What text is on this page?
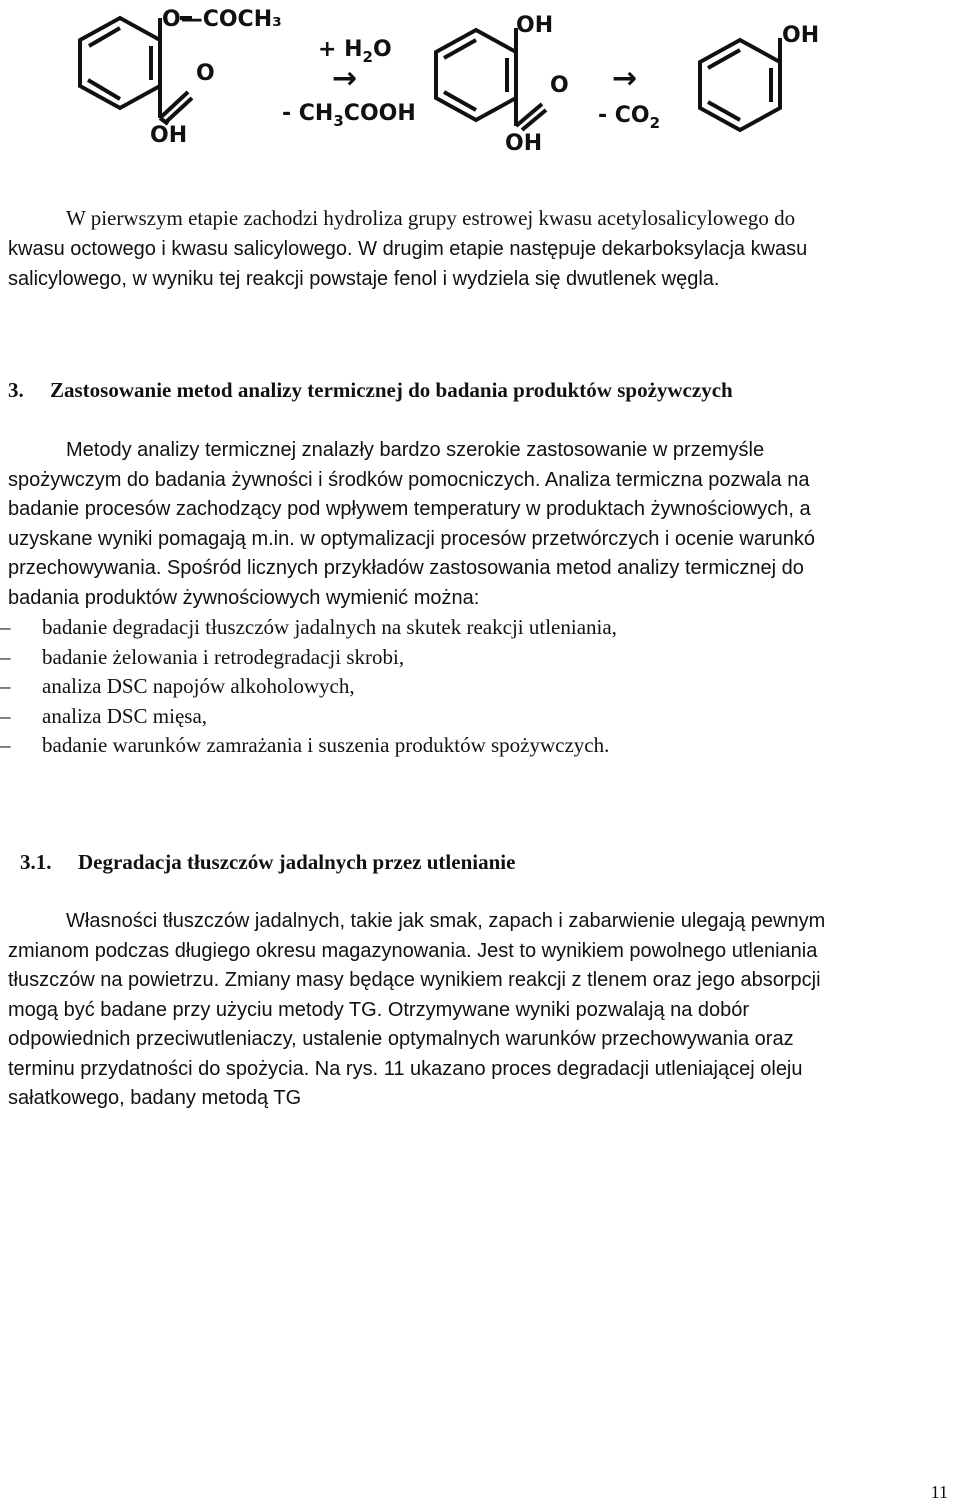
O—COCH₃
O
OH
+ $H_2O$
→
- $CH_3COOH$
OH
O
OH
→
- $CO_2$
OH

W pierwszym etapie zachodzi hydroliza grupy estrowej kwasu acetylosalicylowego do
kwasu octowego i kwasu salicylowego. W drugim etapie następuje dekarboksylacja kwasu
salicylowego, w wyniku tej reakcji powstaje fenol i wydziela się dwutlenek węgla.

3. Zastosowanie metod analizy termicznej do badania produktów spożywczych

Metody analizy termicznej znalazły bardzo szerokie zastosowanie w przemyśle
spożywczym do badania żywności i środków pomocniczych. Analiza termiczna pozwala na
badanie procesów zachodzący pod wpływem temperatury w produktach żywnościowych, a
uzyskane wyniki pomagają m.in. w optymalizacji procesów przetwórczych i ocenie warunkó
przechowywania. Spośród licznych przykładów zastosowania metod analizy termicznej do
badania produktów żywnościowych wymienić można:

–	badanie degradacji tłuszczów jadalnych na skutek reakcji utleniania,
–	badanie żelowania i retrodegradacji skrobi,
–	analiza DSC napojów alkoholowych,
–	analiza DSC mięsa,
–	badanie warunków zamrażania i suszenia produktów spożywczych.
3.1. Degradacja tłuszczów jadalnych przez utlenianie

Własności tłuszczów jadalnych, takie jak smak, zapach i zabarwienie ulegają pewnym
zmianom podczas długiego okresu magazynowania. Jest to wynikiem powolnego utleniania
tłuszczów na powietrzu. Zmiany masy będące wynikiem reakcji z tlenem oraz jego absorpcji
mogą być badane przy użyciu metody TG. Otrzymywane wyniki pozwalają na dobór
odpowiednich przeciwutleniaczy, ustalenie optymalnych warunków przechowywania oraz
terminu przydatności do spożycia. Na rys. 11 ukazano proces degradacji utleniającej oleju
sałatkowego, badany metodą TG

11
